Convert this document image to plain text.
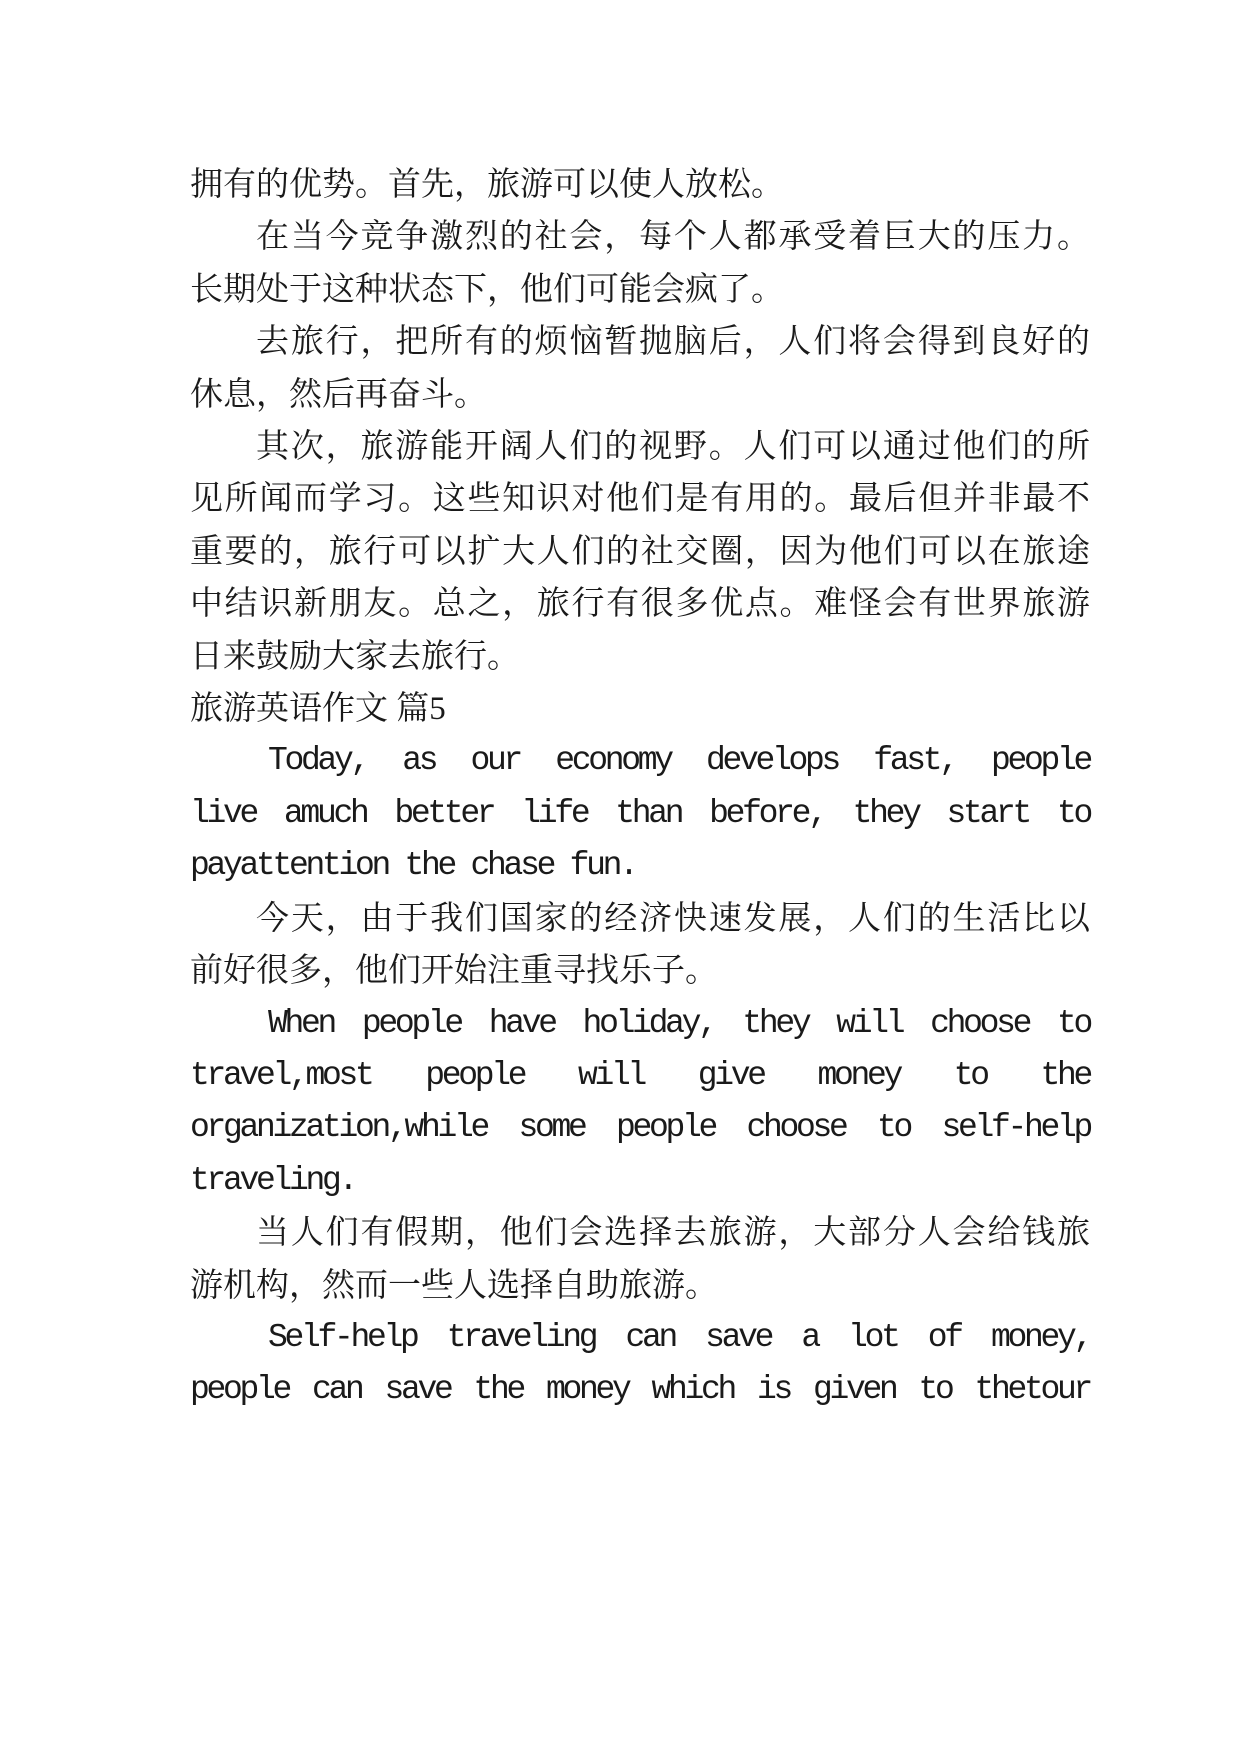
拥有的优势。首先，旅游可以使人放松。
在当今竞争激烈的社会，每个人都承受着巨大的压力。
长期处于这种状态下，他们可能会疯了。
去旅行，把所有的烦恼暂抛脑后，人们将会得到良好的
休息，然后再奋斗。
其次，旅游能开阔人们的视野。人们可以通过他们的所
见所闻而学习。这些知识对他们是有用的。最后但并非最不
重要的，旅行可以扩大人们的社交圈，因为他们可以在旅途
中结识新朋友。总之，旅行有很多优点。难怪会有世界旅游
日来鼓励大家去旅行。
旅游英语作文 篇5
Today, as our economy develops fast, people
live amuch better life than before, they start to
payattention the chase fun.
今天，由于我们国家的经济快速发展，人们的生活比以
前好很多，他们开始注重寻找乐子。
When people have holiday, they will choose to
travel,most people will give money to the
organization,while some people choose to self-help
traveling.
当人们有假期，他们会选择去旅游，大部分人会给钱旅
游机构，然而一些人选择自助旅游。
Self-help traveling can save a lot of money,
people can save the money which is given to thetour
